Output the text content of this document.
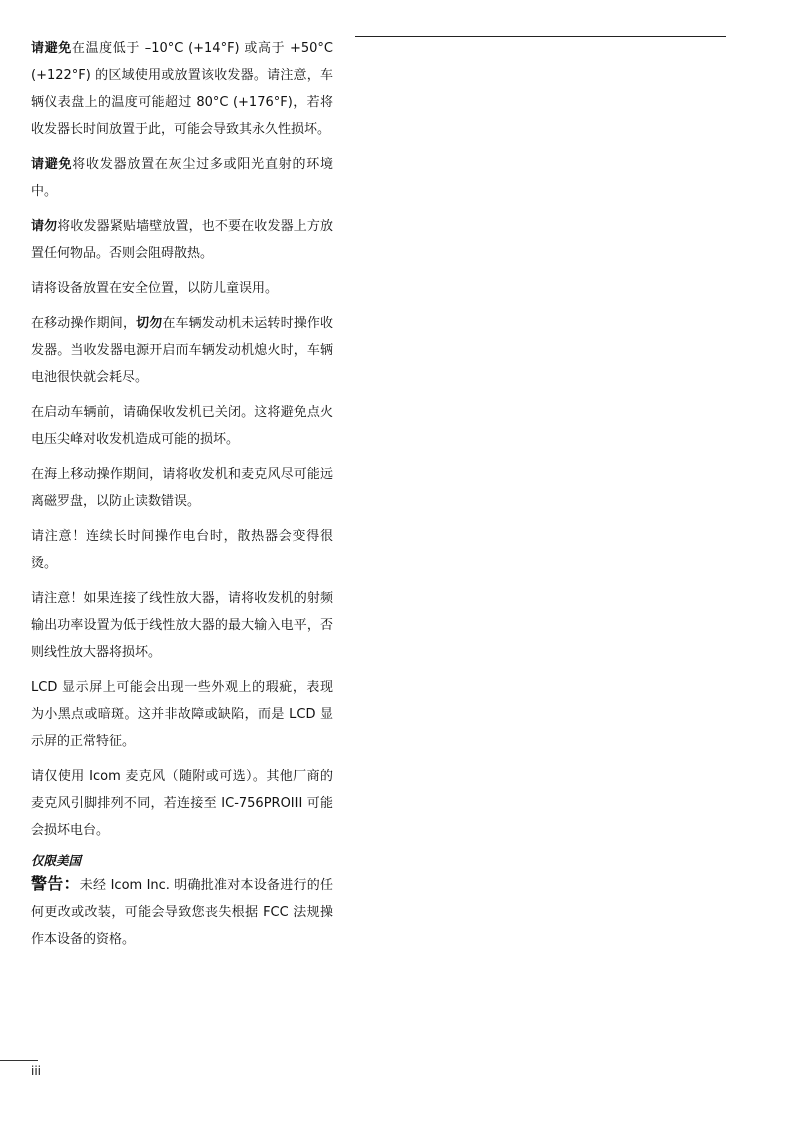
请避免在温度低于 –10°C (+14°F) 或高于 +50°C (+122°F) 的区域使用或放置该收发器。请注意，车辆仪表盘上的温度可能超过 80°C (+176°F)，若将收发器长时间放置于此，可能会导致其永久性损坏。

请避免将收发器放置在灰尘过多或阳光直射的环境中。

请勿将收发器紧贴墙壁放置，也不要在收发器上方放置任何物品。否则会阻碍散热。

请将设备放置在安全位置，以防儿童误用。

在移动操作期间，切勿在车辆发动机未运转时操作收发器。当收发器电源开启而车辆发动机熄火时，车辆电池很快就会耗尽。

在启动车辆前，请确保收发机已关闭。这将避免点火电压尖峰对收发机造成可能的损坏。

在海上移动操作期间，请将收发机和麦克风尽可能远离磁罗盘，以防止读数错误。

请注意！连续长时间操作电台时，散热器会变得很烫。

请注意！如果连接了线性放大器，请将收发机的射频输出功率设置为低于线性放大器的最大输入电平，否则线性放大器将损坏。

LCD 显示屏上可能会出现一些外观上的瑕疵，表现为小黑点或暗斑。这并非故障或缺陷，而是 LCD 显示屏的正常特征。

请仅使用 Icom 麦克风（随附或可选）。其他厂商的麦克风引脚排列不同，若连接至 IC-756PROIII 可能会损坏电台。

仅限美国

警告：未经 Icom Inc. 明确批准对本设备进行的任何更改或改装，可能会导致您丧失根据 FCC 法规操作本设备的资格。

iii
